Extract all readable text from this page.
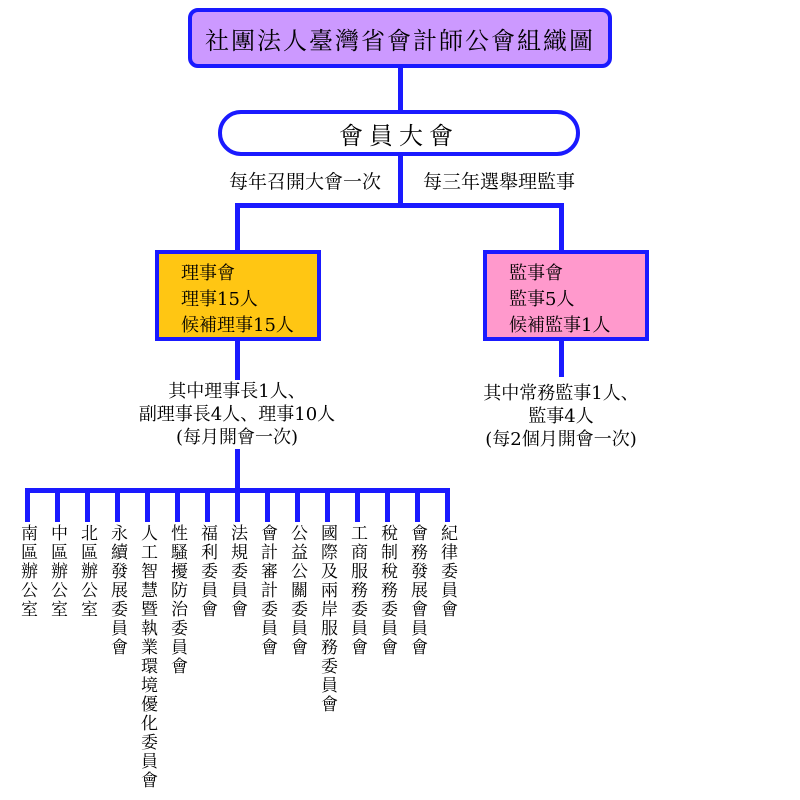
社團法人臺灣省會計師公會組織圖
會員大會
每年召開大會一次	每三年選舉理監事
理事會
理事15人
候補理事15人
監事會
監事5人
候補監事1人
其中理事長1人、
副理事長4人、理事10人
(每月開會一次)
其中常務監事1人、
監事4人
(每2個月開會一次)
南區辦公室 中區辦公室 北區辦公室 永續發展委員會 人工智慧暨執業環境優化委員會 性騷擾防治委員會 福利委員會 法規委員會 會計審計委員會 公益公關委員會 國際及兩岸服務委員會 工商服務委員會 稅制稅務委員會 會務發展會員會 紀律委員會
